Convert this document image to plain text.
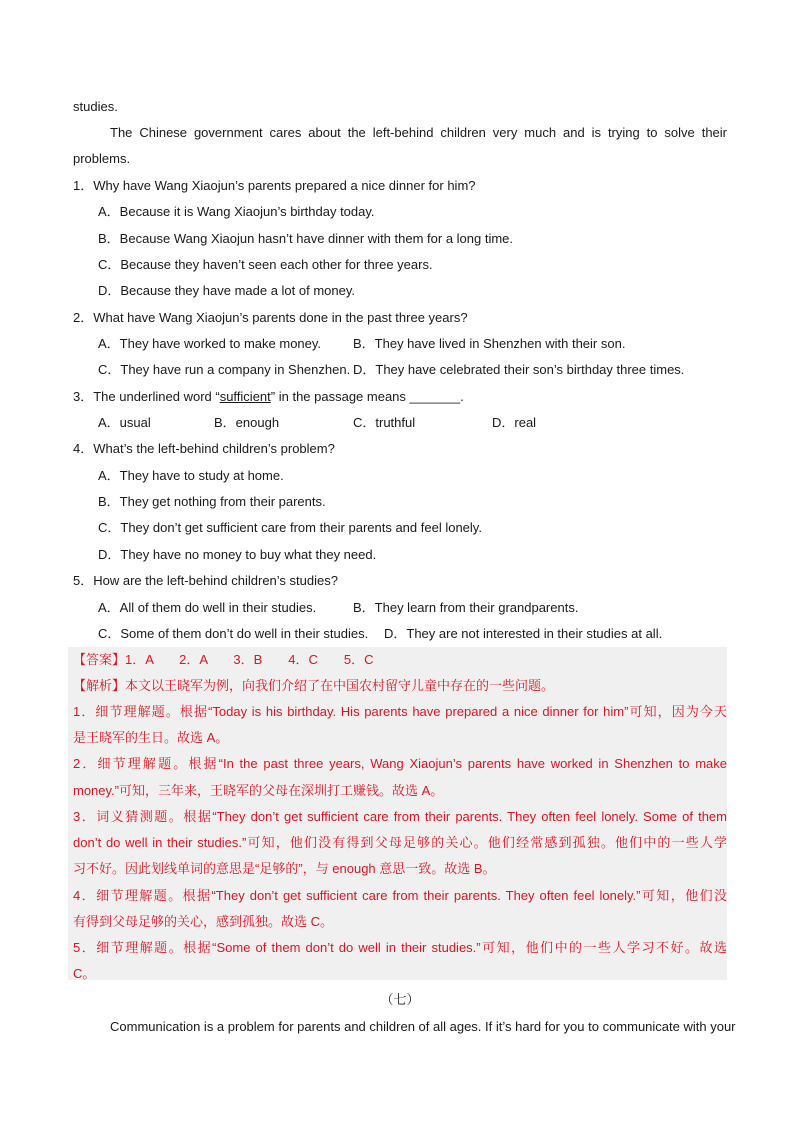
studies.
The Chinese government cares about the left-behind children very much and is trying to solve their
problems.
1．Why have Wang Xiaojun’s parents prepared a nice dinner for him?
A．Because it is Wang Xiaojun’s birthday today.
B．Because Wang Xiaojun hasn’t have dinner with them for a long time.
C．Because they haven’t seen each other for three years.
D．Because they have made a lot of money.
2．What have Wang Xiaojun’s parents done in the past three years?
A．They have worked to make money. B．They have lived in Shenzhen with their son.
C．They have run a company in Shenzhen. D．They have celebrated their son’s birthday three times.
3．The underlined word “sufficient” in the passage means _______.
A．usual	B．enough	C．truthful	D．real
4．What’s the left-behind children’s problem?
A．They have to study at home.
B．They get nothing from their parents.
C．They don’t get sufficient care from their parents and feel lonely.
D．They have no money to buy what they need.
5．How are the left-behind children’s studies?
A．All of them do well in their studies.	B．They learn from their grandparents.
C．Some of them don’t do well in their studies. D．They are not interested in their studies at all.
【答案】1．A　　2．A　　3．B　　4．C　　5．C
【解析】本文以王晓军为例，向我们介绍了在中国农村留守儿童中存在的一些问题。
1．细节理解题。根据“Today is his birthday. His parents have prepared a nice dinner for him”可知，因为今天
是王晓军的生日。故选 A。
2．细节理解题。根据“In the past three years, Wang Xiaojun’s parents have worked in Shenzhen to make
money.”可知，三年来，王晓军的父母在深圳打工赚钱。故选 A。
3．词义猜测题。根据“They don’t get sufficient care from their parents. They often feel lonely. Some of them
don’t do well in their studies.”可知，他们没有得到父母足够的关心。他们经常感到孤独。他们中的一些人学
习不好。因此划线单词的意思是“足够的”，与 enough 意思一致。故选 B。
4．细节理解题。根据“They don’t get sufficient care from their parents. They often feel lonely.”可知，他们没
有得到父母足够的关心，感到孤独。故选 C。
5．细节理解题。根据“Some of them don’t do well in their studies.”可知，他们中的一些人学习不好。故选
C。
（七）
Communication is a problem for parents and children of all ages. If it’s hard for you to communicate with your
